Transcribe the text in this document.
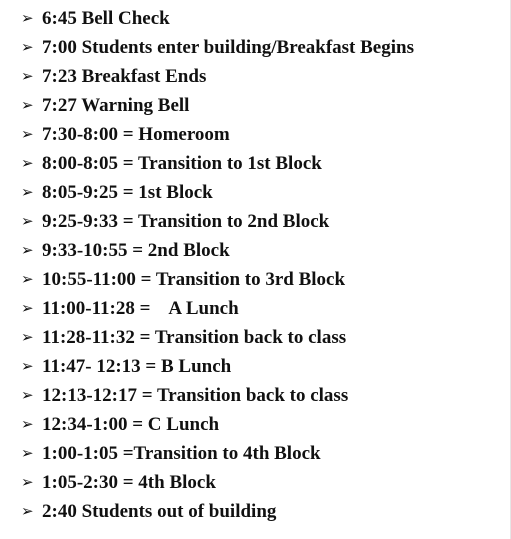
➢ 6:45 Bell Check
➢ 7:00 Students enter building/Breakfast Begins
➢ 7:23 Breakfast Ends
➢ 7:27 Warning Bell
➢ 7:30-8:00 = Homeroom
➢ 8:00-8:05 = Transition to 1st Block
➢ 8:05-9:25 = 1st Block
➢ 9:25-9:33 = Transition to 2nd Block
➢ 9:33-10:55 = 2nd Block
➢ 10:55-11:00 = Transition to 3rd Block
➢ 11:00-11:28 =    A Lunch
➢ 11:28-11:32 = Transition back to class
➢ 11:47- 12:13 = B Lunch
➢ 12:13-12:17 = Transition back to class
➢ 12:34-1:00 = C Lunch
➢ 1:00-1:05 =Transition to 4th Block
➢ 1:05-2:30 = 4th Block
➢ 2:40 Students out of building
